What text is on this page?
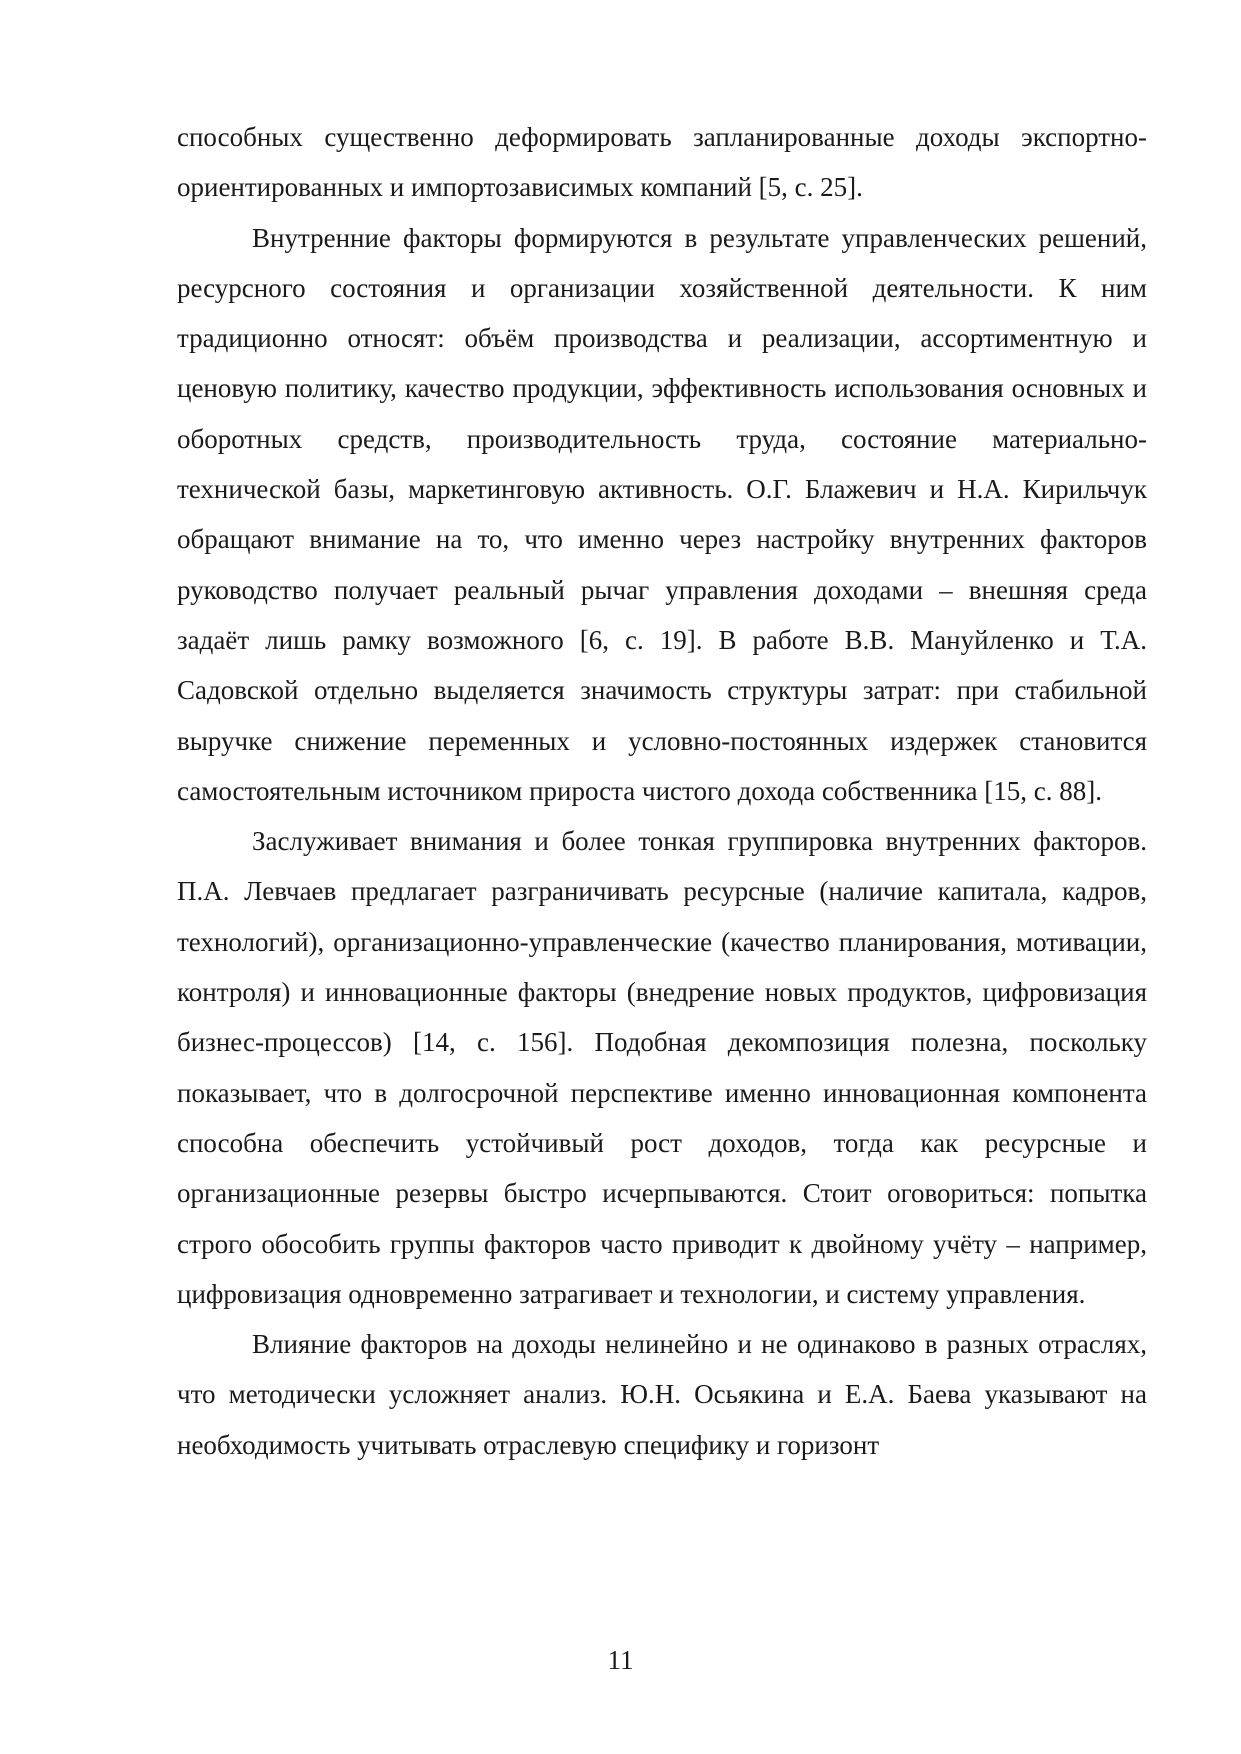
способных существенно деформировать запланированные доходы экспортно-ориентированных и импортозависимых компаний [5, с. 25].

Внутренние факторы формируются в результате управленческих решений, ресурсного состояния и организации хозяйственной деятельности. К ним традиционно относят: объём производства и реализации, ассортиментную и ценовую политику, качество продукции, эффективность использования основных и оборотных средств, производительность труда, состояние материально-технической базы, маркетинговую активность. О.Г. Блажевич и Н.А. Кирильчук обращают внимание на то, что именно через настройку внутренних факторов руководство получает реальный рычаг управления доходами – внешняя среда задаёт лишь рамку возможного [6, с. 19]. В работе В.В. Мануйленко и Т.А. Садовской отдельно выделяется значимость структуры затрат: при стабильной выручке снижение переменных и условно-постоянных издержек становится самостоятельным источником прироста чистого дохода собственника [15, с. 88].

Заслуживает внимания и более тонкая группировка внутренних факторов. П.А. Левчаев предлагает разграничивать ресурсные (наличие капитала, кадров, технологий), организационно-управленческие (качество планирования, мотивации, контроля) и инновационные факторы (внедрение новых продуктов, цифровизация бизнес-процессов) [14, с. 156]. Подобная декомпозиция полезна, поскольку показывает, что в долгосрочной перспективе именно инновационная компонента способна обеспечить устойчивый рост доходов, тогда как ресурсные и организационные резервы быстро исчерпываются. Стоит оговориться: попытка строго обособить группы факторов часто приводит к двойному учёту – например, цифровизация одновременно затрагивает и технологии, и систему управления.

Влияние факторов на доходы нелинейно и не одинаково в разных отраслях, что методически усложняет анализ. Ю.Н. Осьякина и Е.А. Баева указывают на необходимость учитывать отраслевую специфику и горизонт

11
